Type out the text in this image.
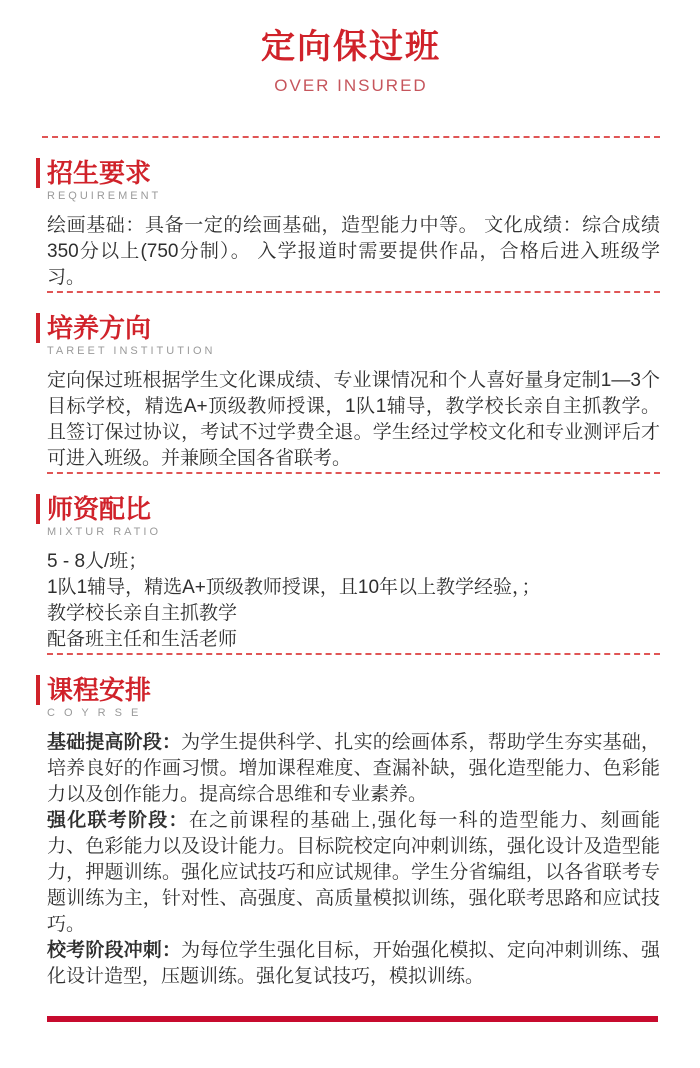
定向保过班
OVER INSURED
招生要求
REQUIREMENT

绘画基础：具备一定的绘画基础，造型能力中等。 文化成绩：综合成绩350分以上(750分制）。 入学报道时需要提供作品，合格后进入班级学习。

培养方向
TAREET INSTITUTION

定向保过班根据学生文化课成绩、专业课情况和个人喜好量身定制1—3个目标学校，精选A+顶级教师授课，1队1辅导，教学校长亲自主抓教学。且签订保过协议，考试不过学费全退。学生经过学校文化和专业测评后才可进入班级。并兼顾全国各省联考。

师资配比
MIXTUR RATIO

5 - 8人/班；

1队1辅导，精选A+顶级教师授课，且10年以上教学经验，；

教学校长亲自主抓教学

配备班主任和生活老师

课程安排
C O Y R S E

基础提高阶段：为学生提供科学、扎实的绘画体系，帮助学生夯实基础，培养良好的作画习惯。增加课程难度、查漏补缺，强化造型能力、色彩能力以及创作能力。提高综合思维和专业素养。

强化联考阶段：在之前课程的基础上,强化每一科的造型能力、刻画能力、色彩能力以及设计能力。目标院校定向冲刺训练，强化设计及造型能力，押题训练。强化应试技巧和应试规律。学生分省编组，以各省联考专题训练为主，针对性、高强度、高质量模拟训练，强化联考思路和应试技巧。

校考阶段冲刺：为每位学生强化目标，开始强化模拟、定向冲刺训练、强化设计造型，压题训练。强化复试技巧，模拟训练。
